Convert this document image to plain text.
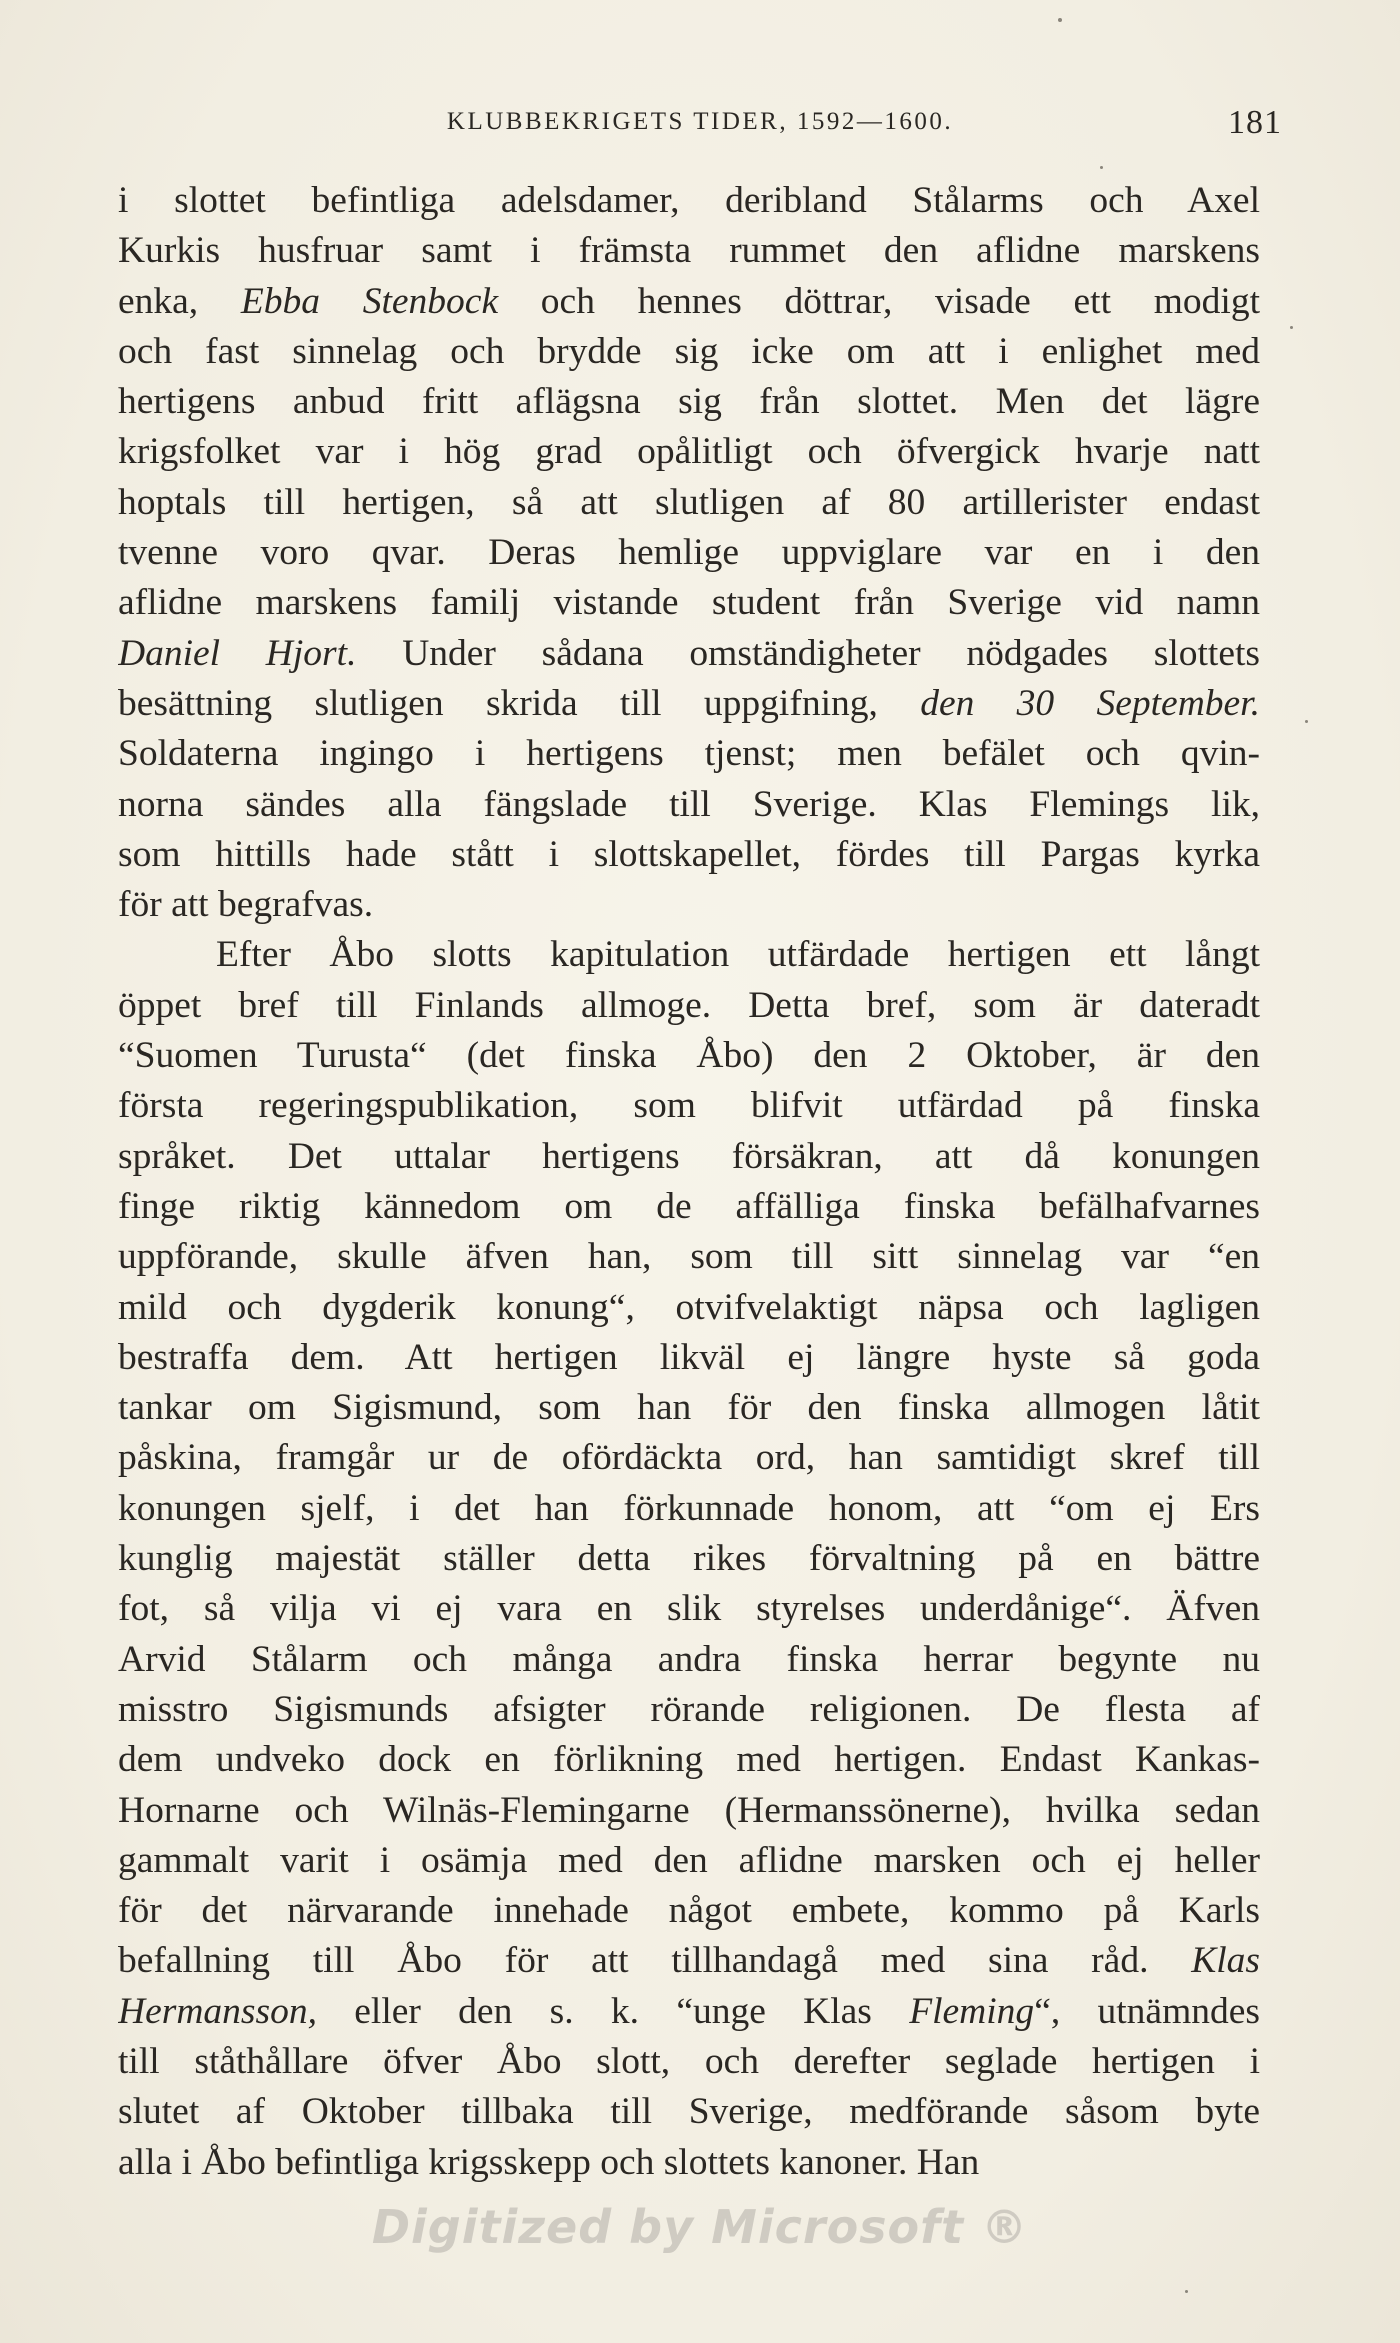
KLUBBEKRIGETS TIDER, 1592—1600.	181
i slottet befintliga adelsdamer, deribland Stålarms och Axel
Kurkis husfruar samt i främsta rummet den aflidne marskens
enka, Ebba Stenbock och hennes döttrar, visade ett modigt
och fast sinnelag och brydde sig icke om att i enlighet med
hertigens anbud fritt aflägsna sig från slottet. Men det lägre
krigsfolket var i hög grad opålitligt och öfvergick hvarje natt
hoptals till hertigen, så att slutligen af 80 artillerister endast
tvenne voro qvar. Deras hemlige uppviglare var en i den
aflidne marskens familj vistande student från Sverige vid namn
Daniel Hjort. Under sådana omständigheter nödgades slottets
besättning slutligen skrida till uppgifning, den 30 September.
Soldaterna ingingo i hertigens tjenst; men befälet och qvin-
norna sändes alla fängslade till Sverige. Klas Flemings lik,
som hittills hade stått i slottskapellet, fördes till Pargas kyrka
för att begrafvas.
Efter Åbo slotts kapitulation utfärdade hertigen ett långt
öppet bref till Finlands allmoge. Detta bref, som är dateradt
“Suomen Turusta“ (det finska Åbo) den 2 Oktober, är den
första regeringspublikation, som blifvit utfärdad på finska
språket. Det uttalar hertigens försäkran, att då konungen
finge riktig kännedom om de affälliga finska befälhafvarnes
uppförande, skulle äfven han, som till sitt sinnelag var “en
mild och dygderik konung“, otvifvelaktigt näpsa och lagligen
bestraffa dem. Att hertigen likväl ej längre hyste så goda
tankar om Sigismund, som han för den finska allmogen låtit
påskina, framgår ur de ofördäckta ord, han samtidigt skref till
konungen sjelf, i det han förkunnade honom, att “om ej Ers
kunglig majestät ställer detta rikes förvaltning på en bättre
fot, så vilja vi ej vara en slik styrelses underdånige“. Äfven
Arvid Stålarm och många andra finska herrar begynte nu
misstro Sigismunds afsigter rörande religionen. De flesta af
dem undveko dock en förlikning med hertigen. Endast Kankas-
Hornarne och Wilnäs-Flemingarne (Hermanssönerne), hvilka sedan
gammalt varit i osämja med den aflidne marsken och ej heller
för det närvarande innehade något embete, kommo på Karls
befallning till Åbo för att tillhandagå med sina råd. Klas
Hermansson, eller den s. k. “unge Klas Fleming“, utnämndes
till ståthållare öfver Åbo slott, och derefter seglade hertigen i
slutet af Oktober tillbaka till Sverige, medförande såsom byte
alla i Åbo befintliga krigsskepp och slottets kanoner. Han
Digitized by Microsoft ®
